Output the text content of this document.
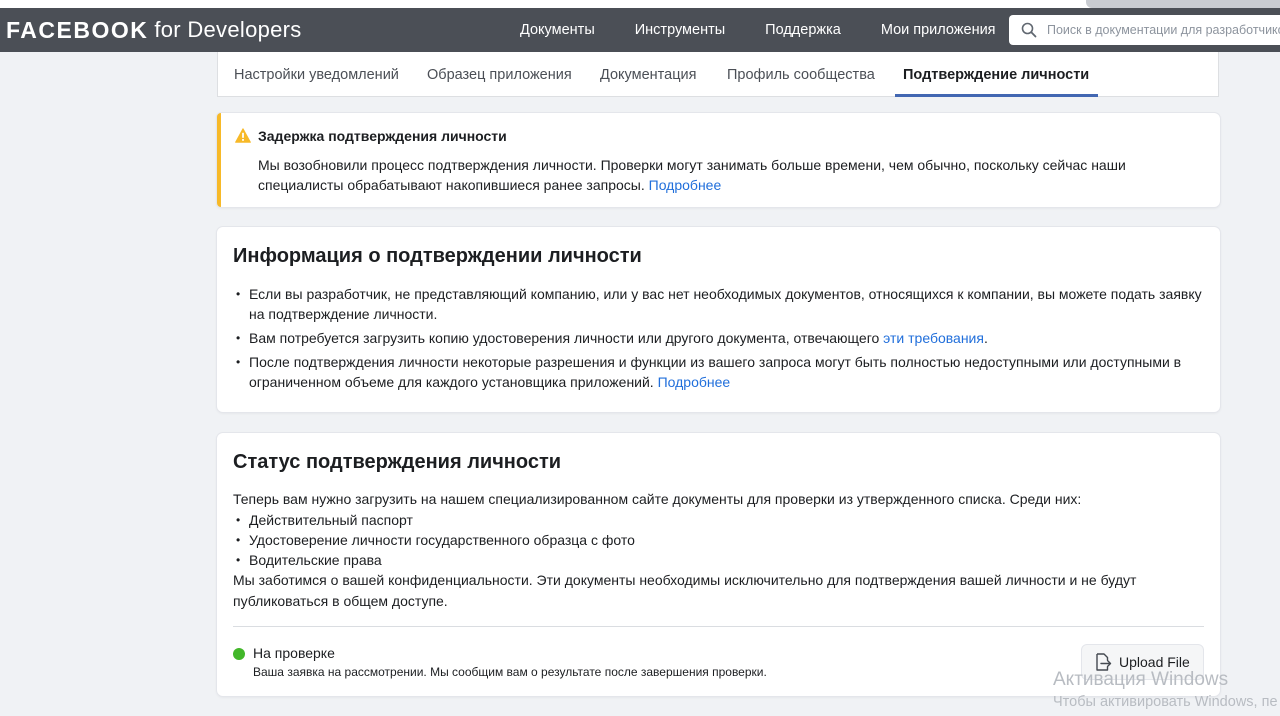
FACEBOOK for Developers	Документы	Инструменты	Поддержка	Мои приложения
Поиск в документации для разработчиков
Настройки уведомлений Образец приложения Документация Профиль сообщества Подтверждение личности
Задержка подтверждения личности
Мы возобновили процесс подтверждения личности. Проверки могут занимать больше времени, чем обычно, поскольку сейчас наши специалисты обрабатывают накопившиеся ранее запросы. Подробнее
Информация о подтверждении личности
• Если вы разработчик, не представляющий компанию, или у вас нет необходимых документов, относящихся к компании, вы можете подать заявку на подтверждение личности.
• Вам потребуется загрузить копию удостоверения личности или другого документа, отвечающего эти требования.
• После подтверждения личности некоторые разрешения и функции из вашего запроса могут быть полностью недоступными или доступными в ограниченном объеме для каждого установщика приложений. Подробнее
Статус подтверждения личности
Теперь вам нужно загрузить на нашем специализированном сайте документы для проверки из утвержденного списка. Среди них:
• Действительный паспорт
• Удостоверение личности государственного образца с фото
• Водительские права
Мы заботимся о вашей конфиденциальности. Эти документы необходимы исключительно для подтверждения вашей личности и не будут публиковаться в общем доступе.
На проверке
Ваша заявка на рассмотрении. Мы сообщим вам о результате после завершения проверки.
Upload File
Активация Windows
Чтобы активировать Windows, пе
